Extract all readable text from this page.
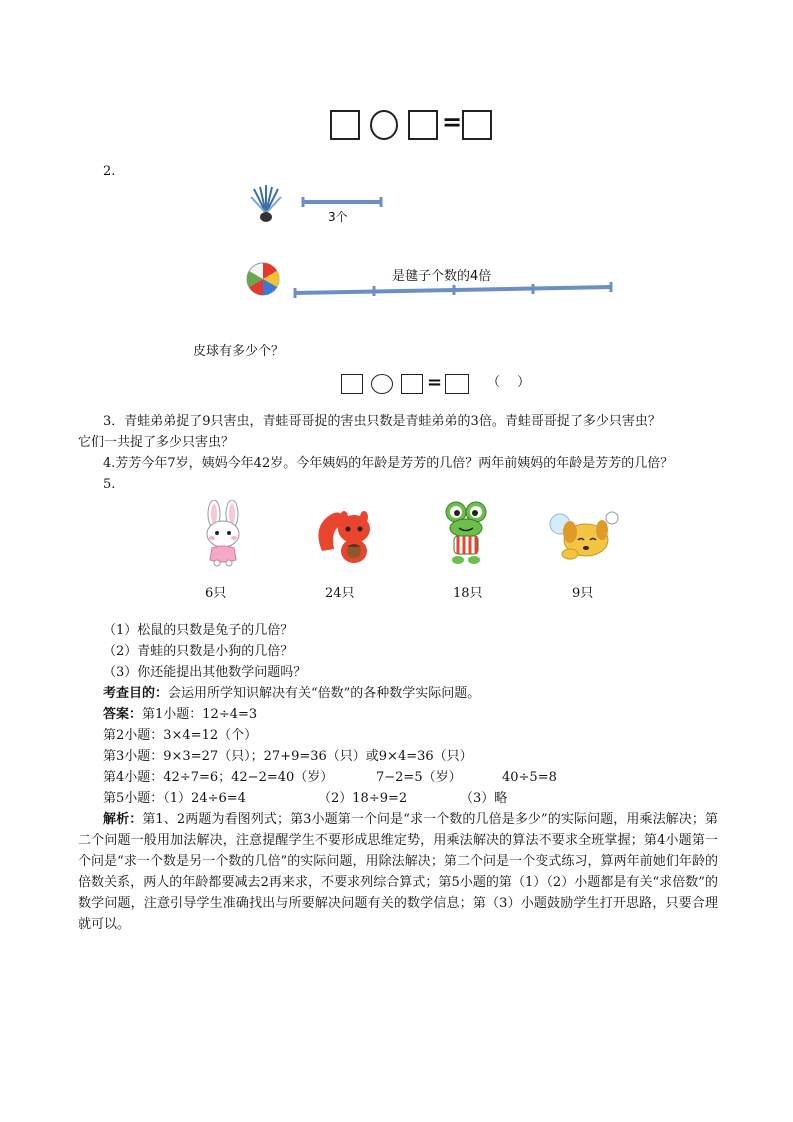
=
2.
3个
是毽子个数的4倍
皮球有多少个？
=	（　 ）
3．青蛙弟弟捉了9只害虫，青蛙哥哥捉的害虫只数是青蛙弟弟的3倍。青蛙哥哥捉了多少只害虫？
它们一共捉了多少只害虫？
4.芳芳今年7岁，姨妈今年42岁。今年姨妈的年龄是芳芳的几倍？两年前姨妈的年龄是芳芳的几倍？
5.
6只	24只	18只	9只
（1）松鼠的只数是兔子的几倍？
（2）青蛙的只数是小狗的几倍？
（3）你还能提出其他数学问题吗？
考查目的：会运用所学知识解决有关“倍数”的各种数学实际问题。
答案：第1小题：12÷4=3
第2小题：3×4=12（个）
第3小题：9×3=27（只）；27+9=36（只）或9×4=36（只）
第4小题：42÷7=6；42−2=40（岁）	7−2=5（岁）	40÷5=8
第5小题：（1）24÷6=4	（2）18÷9=2	（3）略
解析：第1、2两题为看图列式；第3小题第一个问是“求一个数的几倍是多少”的实际问题，用乘法解决；第二个问题一般用加法解决，注意提醒学生不要形成思维定势，用乘法解决的算法不要求全班掌握；第4小题第一个问是“求一个数是另一个数的几倍”的实际问题，用除法解决；第二个问是一个变式练习，算两年前她们年龄的倍数关系，两人的年龄都要减去2再来求，不要求列综合算式；第5小题的第（1）（2）小题都是有关“求倍数”的数学问题，注意引导学生准确找出与所要解决问题有关的数学信息；第（3）小题鼓励学生打开思路，只要合理就可以。
